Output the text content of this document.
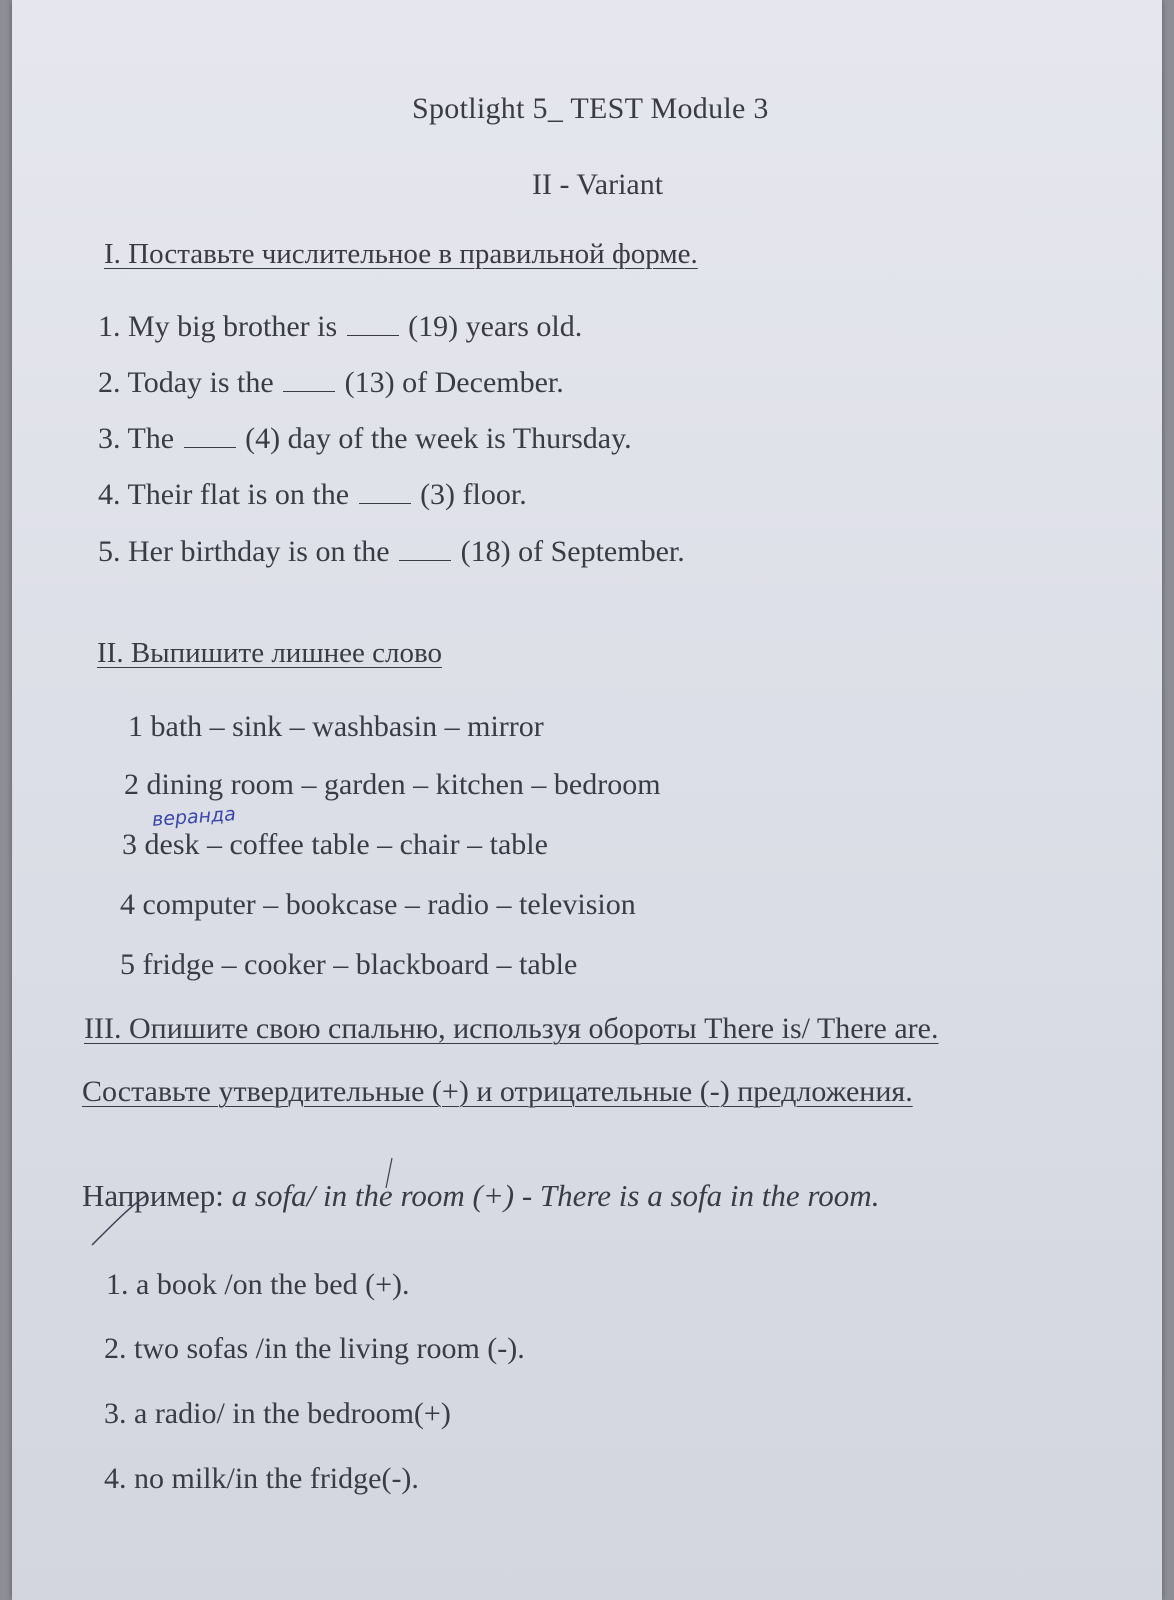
Spotlight 5_ TEST Module 3
II - Variant
I. Поставьте числительное в правильной форме.
1. My big brother is (19) years old.
2. Today is the (13) of December.
3. The (4) day of the week is Thursday.
4. Their flat is on the (3) floor.
5. Her birthday is on the (18) of September.
II. Выпишите лишнее слово
1 bath – sink – washbasin – mirror
2 dining room – garden – kitchen – bedroom
веранда
3 desk – coffee table – chair – table
4 computer – bookcase – radio – television
5 fridge – cooker – blackboard – table
III. Опишите свою спальню, используя обороты There is/ There are.
Составьте утвердительные (+) и отрицательные (-) предложения.
Например: a sofa/ in the room (+) - There is a sofa in the room.
1. a book /on the bed (+).
2. two sofas /in the living room (-).
3. a radio/ in the bedroom(+)
4. no milk/in the fridge(-).
